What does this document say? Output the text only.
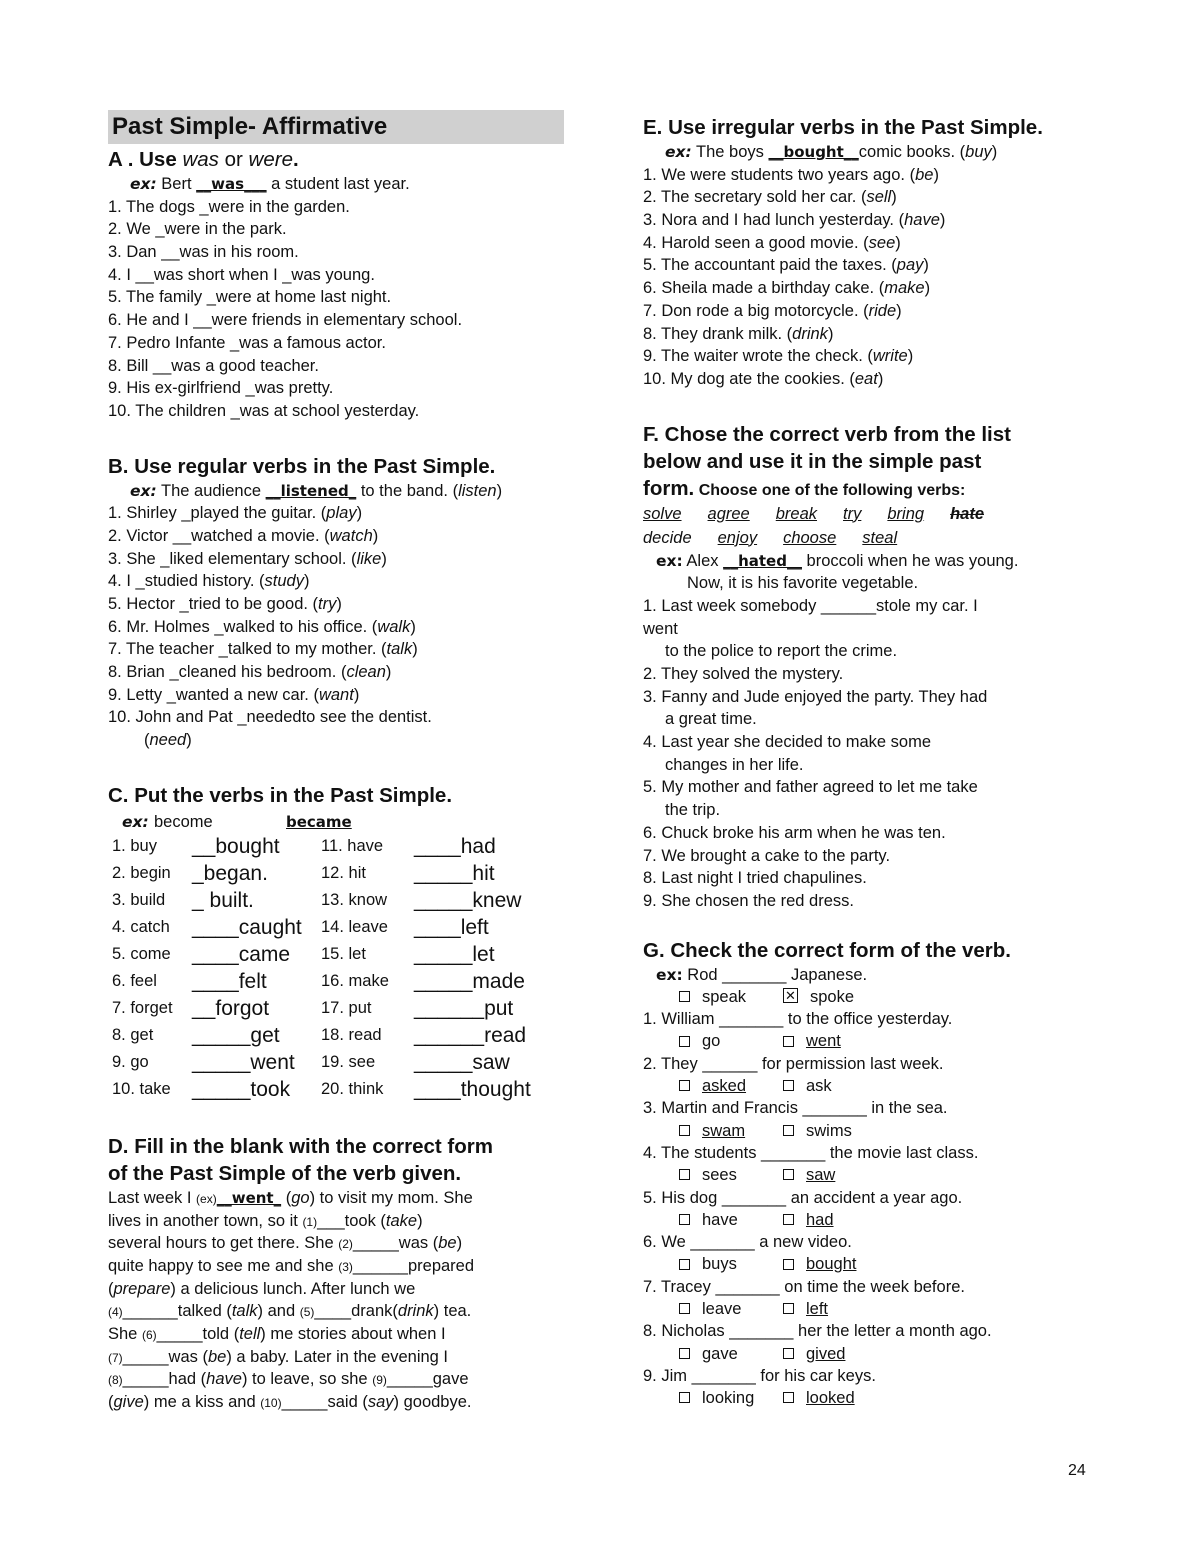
Past Simple- Affirmative
A . Use was or were.
ex: Bert __was___ a student last year.
1. The dogs _were in the garden.
2. We _were in the park.
3. Dan __was in his room.
4. I __was short when I _was young.
5. The family _were at home last night.
6. He and I __were friends in elementary school.
7. Pedro Infante _was a famous actor.
8. Bill __was a good teacher.
9. His ex-girlfriend _was pretty.
10. The children _was at school yesterday.
B. Use regular verbs in the Past Simple.
ex: The audience __listened_ to the band. (listen)
1. Shirley _played the guitar. (play)
2. Victor __watched a movie. (watch)
3. She _liked elementary school. (like)
4. I _studied history. (study)
5. Hector _tried to be good. (try)
6. Mr. Holmes _walked to his office. (walk)
7. The teacher _talked to my mother. (talk)
8. Brian _cleaned his bedroom. (clean)
9. Letty _wanted a new car. (want)
10. John and Pat _neededto see the dentist.
(need)
C. Put the verbs in the Past Simple.
ex: become	became
1. buy __bought	11. have ____had
2. begin _began.	12. hit _____hit
3. build _ built.	13. know _____knew
4. catch ____caught 14. leave ____left
5. come ____came 15. let _____let
6. feel ____felt	16. make _____made
7. forget __forgot	17. put ______put
8. get _____get	18. read ______read
9. go _____went 19. see _____saw
10. take _____took 20. think ____thought
D. Fill in the blank with the correct form
of the Past Simple of the verb given.
Last week I (ex)__went_ (go) to visit my mom. She
lives in another town, so it (1)___took (take)
several hours to get there. She (2)_____was (be)
quite happy to see me and she (3)______prepared
(prepare) a delicious lunch. After lunch we
(4)______talked (talk) and (5)____drank(drink) tea.
She (6)_____told (tell) me stories about when I
(7)_____was (be) a baby. Later in the evening I
(8)_____had (have) to leave, so she (9)_____gave
(give) me a kiss and (10)_____said (say) goodbye.
E. Use irregular verbs in the Past Simple.
ex: The boys __bought__comic books. (buy)
1. We were students two years ago. (be)
2. The secretary sold her car. (sell)
3. Nora and I had lunch yesterday. (have)
4. Harold seen a good movie. (see)
5. The accountant paid the taxes. (pay)
6. Sheila made a birthday cake. (make)
7. Don rode a big motorcycle. (ride)
8. They drank milk. (drink)
9. The waiter wrote the check. (write)
10. My dog ate the cookies. (eat)
F. Chose the correct verb from the list
below and use it in the simple past
form. Choose one of the following verbs:
solve agree break try bring hate
decide enjoy choose steal
ex: Alex __hated__ broccoli when he was young.
Now, it is his favorite vegetable.
1. Last week somebody ______stole my car. I
went
to the police to report the crime.
2. They solved the mystery.
3. Fanny and Jude enjoyed the party. They had
a great time.
4. Last year she decided to make some
changes in her life.
5. My mother and father agreed to let me take
the trip.
6. Chuck broke his arm when he was ten.
7. We brought a cake to the party.
8. Last night I tried chapulines.
9. She chosen the red dress.
G. Check the correct form of the verb.
ex: Rod _______ Japanese.
speak	✕ spoke
1. William _______ to the office yesterday.
go	went
2. They ______ for permission last week.
asked	ask
3. Martin and Francis _______ in the sea.
swam	swims
4. The students _______ the movie last class.
sees	saw
5. His dog _______ an accident a year ago.
have	had
6. We _______ a new video.
buys	bought
7. Tracey _______ on time the week before.
leave	left
8. Nicholas _______ her the letter a month ago.
gave	gived
9. Jim _______ for his car keys.
looking	looked
24
